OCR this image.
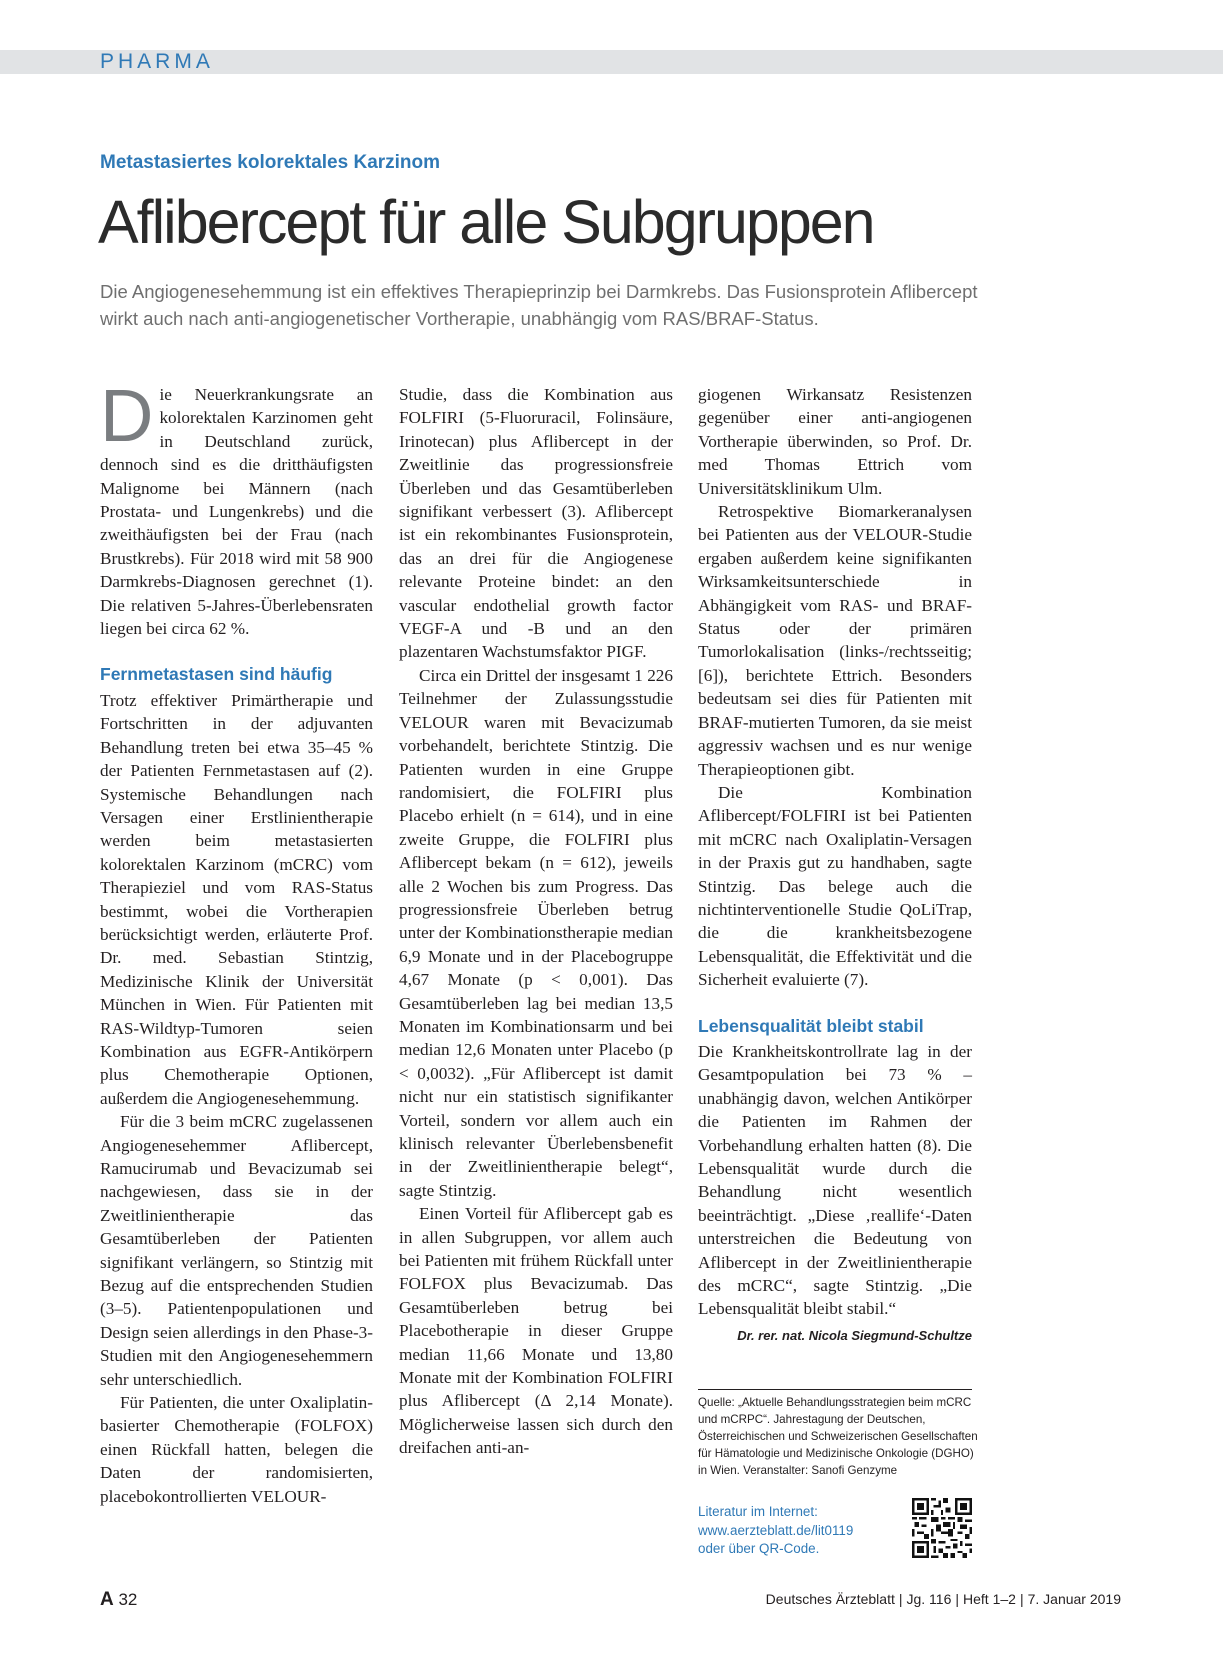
PHARMA
Metastasiertes kolorektales Karzinom
Aflibercept für alle Subgruppen
Die Angiogenesehemmung ist ein effektives Therapieprinzip bei Darmkrebs. Das Fusionsprotein Aflibercept wirkt auch nach anti-angiogenetischer Vortherapie, unabhängig vom RAS/BRAF-Status.

Die Neuerkrankungsrate an kolorektalen Karzinomen geht in Deutschland zurück, dennoch sind es die dritthäufigsten Malignome bei Männern (nach Prostata- und Lungenkrebs) und die zweithäufigsten bei der Frau (nach Brustkrebs). Für 2018 wird mit 58 900 Darmkrebs-Diagnosen gerechnet (1). Die relativen 5-Jahres-Überlebensraten liegen bei circa 62 %.

Fernmetastasen sind häufig

Trotz effektiver Primärtherapie und Fortschritten in der adjuvanten Behandlung treten bei etwa 35–45 % der Patienten Fernmetastasen auf (2). Systemische Behandlungen nach Versagen einer Erstlinientherapie werden beim metastasierten kolorektalen Karzinom (mCRC) vom Therapieziel und vom RAS-Status bestimmt, wobei die Vortherapien berücksichtigt werden, erläuterte Prof. Dr. med. Sebastian Stintzig, Medizinische Klinik der Universität München in Wien. Für Patienten mit RAS-Wildtyp-Tumoren seien Kombination aus EGFR-Antikörpern plus Chemotherapie Optionen, außerdem die Angiogenesehemmung.

Für die 3 beim mCRC zugelassenen Angiogenesehemmer Aflibercept, Ramucirumab und Bevacizumab sei nachgewiesen, dass sie in der Zweitlinientherapie das Gesamtüberleben der Patienten signifikant verlängern, so Stintzig mit Bezug auf die entsprechenden Studien (3–5). Patientenpopulationen und Design seien allerdings in den Phase-3-Studien mit den Angiogenesehemmern sehr unterschiedlich.

Für Patienten, die unter Oxaliplatin-basierter Chemotherapie (FOLFOX) einen Rückfall hatten, belegen die Daten der randomisierten, placebokontrollierten VELOUR-

Studie, dass die Kombination aus FOLFIRI (5-Fluoruracil, Folinsäure, Irinotecan) plus Aflibercept in der Zweitlinie das progressionsfreie Überleben und das Gesamtüberleben signifikant verbessert (3). Aflibercept ist ein rekombinantes Fusionsprotein, das an drei für die Angiogenese relevante Proteine bindet: an den vascular endothelial growth factor VEGF-A und -B und an den plazentaren Wachstumsfaktor PIGF.

Circa ein Drittel der insgesamt 1 226 Teilnehmer der Zulassungsstudie VELOUR waren mit Bevacizumab vorbehandelt, berichtete Stintzig. Die Patienten wurden in eine Gruppe randomisiert, die FOLFIRI plus Placebo erhielt (n = 614), und in eine zweite Gruppe, die FOLFIRI plus Aflibercept bekam (n = 612), jeweils alle 2 Wochen bis zum Progress. Das progressionsfreie Überleben betrug unter der Kombinationstherapie median 6,9 Monate und in der Placebogruppe 4,67 Monate (p < 0,001). Das Gesamtüberleben lag bei median 13,5 Monaten im Kombinationsarm und bei median 12,6 Monaten unter Placebo (p < 0,0032). „Für Aflibercept ist damit nicht nur ein statistisch signifikanter Vorteil, sondern vor allem auch ein klinisch relevanter Überlebensbenefit in der Zweitlinientherapie belegt“, sagte Stintzig.

Einen Vorteil für Aflibercept gab es in allen Subgruppen, vor allem auch bei Patienten mit frühem Rückfall unter FOLFOX plus Bevacizumab. Das Gesamtüberleben betrug bei Placebotherapie in dieser Gruppe median 11,66 Monate und 13,80 Monate mit der Kombination FOLFIRI plus Aflibercept (Δ 2,14 Monate). Möglicherweise lassen sich durch den dreifachen anti-an-

giogenen Wirkansatz Resistenzen gegenüber einer anti-angiogenen Vortherapie überwinden, so Prof. Dr. med Thomas Ettrich vom Universitätsklinikum Ulm.

Retrospektive Biomarkeranalysen bei Patienten aus der VELOUR-Studie ergaben außerdem keine signifikanten Wirksamkeitsunterschiede in Abhängigkeit vom RAS- und BRAF-Status oder der primären Tumorlokalisation (links-/rechtsseitig; [6]), berichtete Ettrich. Besonders bedeutsam sei dies für Patienten mit BRAF-mutierten Tumoren, da sie meist aggressiv wachsen und es nur wenige Therapieoptionen gibt.

Die Kombination Aflibercept/FOLFIRI ist bei Patienten mit mCRC nach Oxaliplatin-Versagen in der Praxis gut zu handhaben, sagte Stintzig. Das belege auch die nichtinterventionelle Studie QoLiTrap, die die krankheitsbezogene Lebensqualität, die Effektivität und die Sicherheit evaluierte (7).

Lebensqualität bleibt stabil

Die Krankheitskontrollrate lag in der Gesamtpopulation bei 73 % – unabhängig davon, welchen Antikörper die Patienten im Rahmen der Vorbehandlung erhalten hatten (8). Die Lebensqualität wurde durch die Behandlung nicht wesentlich beeinträchtigt. „Diese ‚reallife‘-Daten unterstreichen die Bedeutung von Aflibercept in der Zweitlinientherapie des mCRC“, sagte Stintzig. „Die Lebensqualität bleibt stabil.“

Dr. rer. nat. Nicola Siegmund-Schultze
Quelle: „Aktuelle Behandlungsstrategien beim mCRC und mCRPC“. Jahrestagung der Deutschen, Österreichischen und Schweizerischen Gesellschaften für Hämatologie und Medizinische Onkologie (DGHO) in Wien. Veranstalter: Sanofi Genzyme
Literatur im Internet:
www.aerzteblatt.de/lit0119
oder über QR-Code.
A 32	Deutsches Ärzteblatt | Jg. 116 | Heft 1–2 | 7. Januar 2019
